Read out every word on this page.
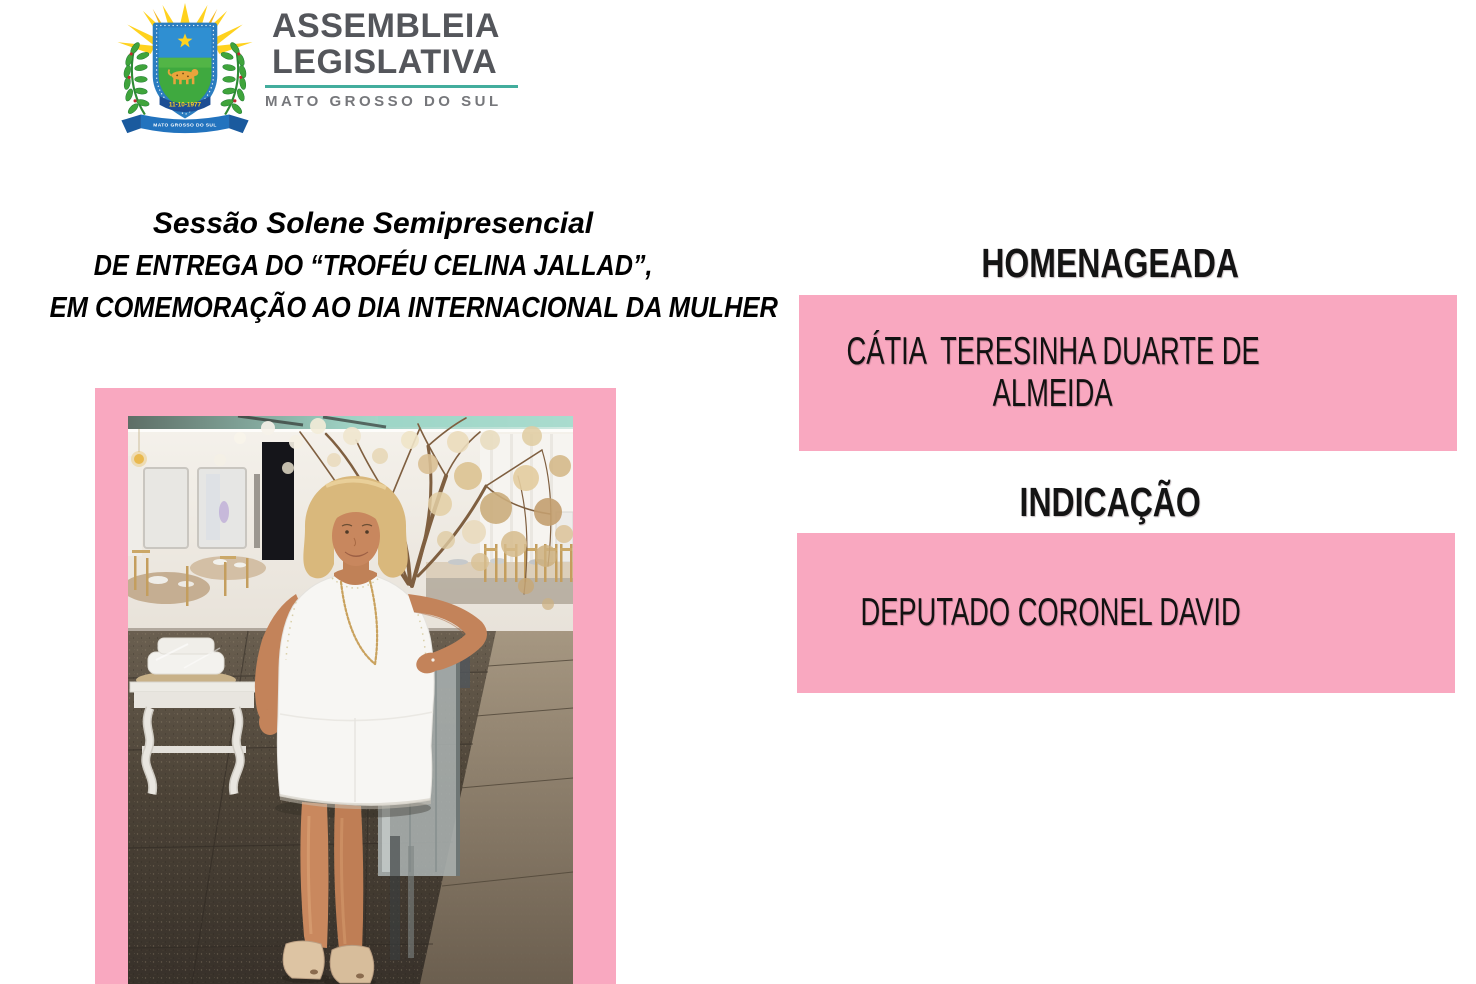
11-10-1977
MATO GROSSO DO SUL
ASSEMBLEIA
LEGISLATIVA
MATO GROSSO DO SUL
Sessão Solene Semipresencial
DE ENTREGA DO “TROFÉU CELINA JALLAD”,
EM COMEMORAÇÃO AO DIA INTERNACIONAL DA MULHER
HOMENAGEADA
CÁTIA  TERESINHA DUARTE DE
ALMEIDA
INDICAÇÃO
DEPUTADO CORONEL DAVID
